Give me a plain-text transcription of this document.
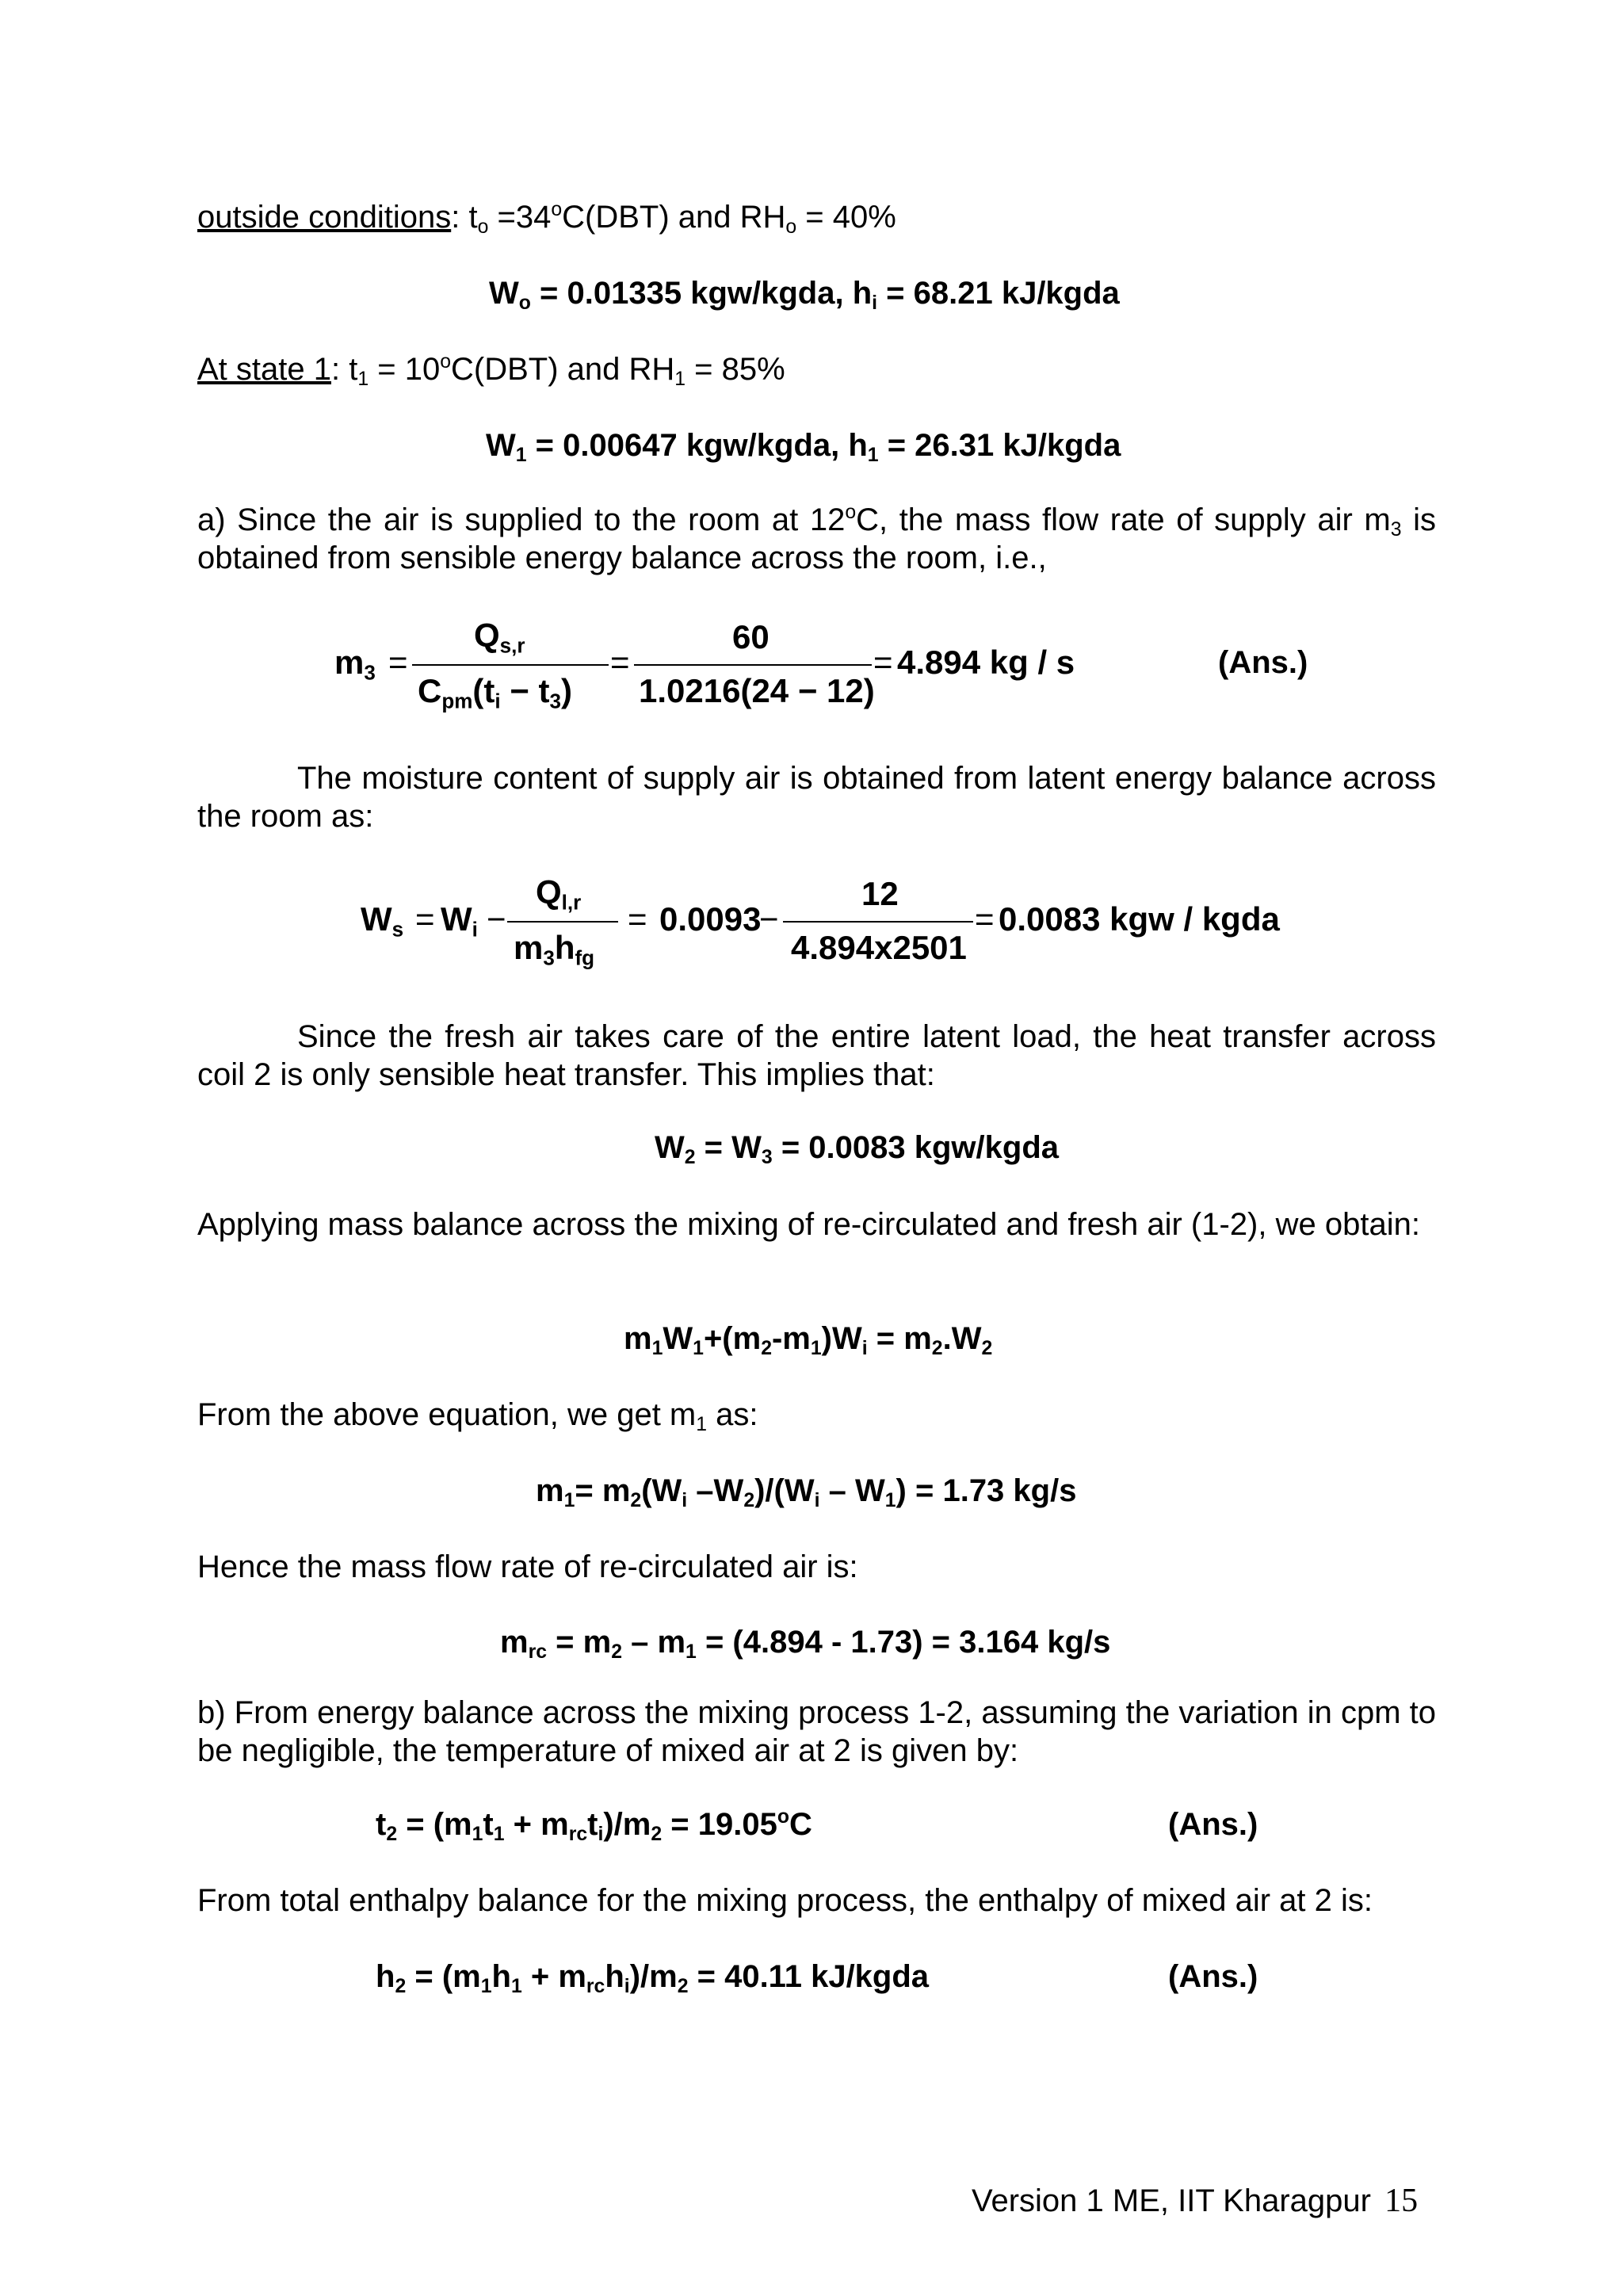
outside conditions: $t_o =34^oC(DBT)$ and $RH_o = 40\%$
$W_o = 0.01335$ kgw/kgda, $h_i = 68.21$ kJ/kgda
At state 1: $t_1 = 10^oC(DBT)$ and $RH_1 = 85\%$
$W_1 = 0.00647$ kgw/kgda, $h_1 = 26.31$ kJ/kgda
a) Since the air is supplied to the room at 12$^o$C, the mass flow rate of supply air $m_3$ is obtained from sensible energy balance across the room, i.e.,
$m_3$ =
$Q_{s,r}$
$C_{pm}(t_i - t_3)$
=
60
1.0216(24 − 12)
= 4.894 kg / s	(Ans.)
The moisture content of supply air is obtained from latent energy balance across the room as:
$W_s = W_i$ −
$Q_{l,r}$
$m_3h_{fg}$
= 0.0093
−
12
4.894x2501
= 0.0083 kgw / kgda
Since the fresh air takes care of the entire latent load, the heat transfer across coil 2 is only sensible heat transfer. This implies that:
$W_2 = W_3 = 0.0083$ kgw/kgda
Applying mass balance across the mixing of re-circulated and fresh air (1-2), we obtain:
$m_1W_1+(m_2-m_1)W_i = m_2.W_2$
From the above equation, we get $m_1$ as:
$m_1= m_2(W_i$ $-W_2)/(W_i - W_1) = 1.73$ kg/s
Hence the mass flow rate of re-circulated air is:
$m_{rc} = m_2 - m_1 = (4.894 - 1.73) = 3.164$ kg/s
b) From energy balance across the mixing process 1-2, assuming the variation in cpm to be negligible, the temperature of mixed air at 2 is given by:
$t_2 = (m_1t_1 + m_{rc}t_i)/m_2 = 19.05^oC$	(Ans.)
From total enthalpy balance for the mixing process, the enthalpy of mixed air at 2 is:
$h_2 = (m_1h_1 + m_{rc}h_i)/m_2 = 40.11$ kJ/kgda	(Ans.)
Version 1 ME, IIT Kharagpur 15
